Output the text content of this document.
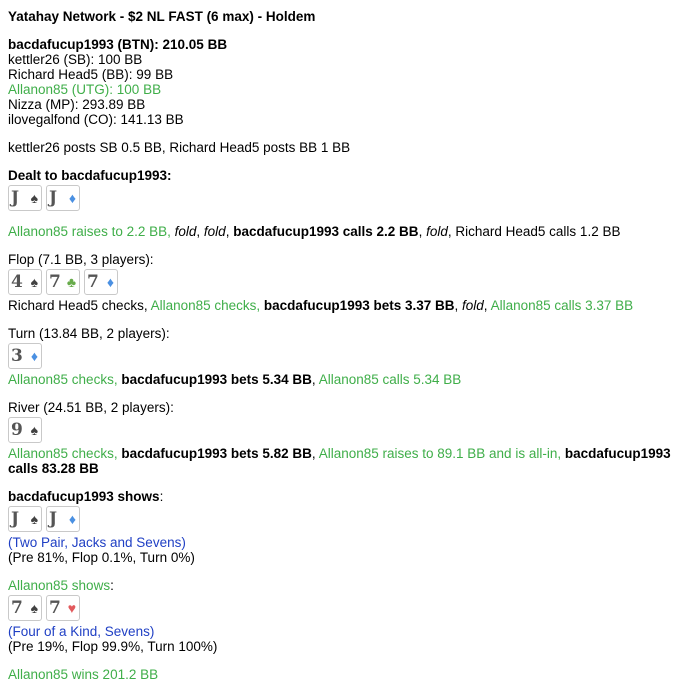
Yatahay Network - $2 NL FAST (6 max) - Holdem
bacdafucup1993 (BTN): 210.05 BB
kettler26 (SB): 100 BB
Richard Head5 (BB): 99 BB
Allanon85 (UTG): 100 BB
Nizza (MP): 293.89 BB
ilovegalfond (CO): 141.13 BB
kettler26 posts SB 0.5 BB, Richard Head5 posts BB 1 BB
Dealt to bacdafucup1993:
J ♠ J ♦
Allanon85 raises to 2.2 BB, fold, fold, bacdafucup1993 calls 2.2 BB, fold, Richard Head5 calls 1.2 BB
Flop (7.1 BB, 3 players):
4 ♠ 7 ♣ 7 ♦
Richard Head5 checks, Allanon85 checks, bacdafucup1993 bets 3.37 BB, fold, Allanon85 calls 3.37 BB
Turn (13.84 BB, 2 players):
3 ♦
Allanon85 checks, bacdafucup1993 bets 5.34 BB, Allanon85 calls 5.34 BB
River (24.51 BB, 2 players):
9 ♠
Allanon85 checks, bacdafucup1993 bets 5.82 BB, Allanon85 raises to 89.1 BB and is all-in, bacdafucup1993 calls 83.28 BB
bacdafucup1993 shows:
J ♠ J ♦
(Two Pair, Jacks and Sevens)
(Pre 81%, Flop 0.1%, Turn 0%)
Allanon85 shows:
7 ♠ 7 ♥
(Four of a Kind, Sevens)
(Pre 19%, Flop 99.9%, Turn 100%)
Allanon85 wins 201.2 BB
